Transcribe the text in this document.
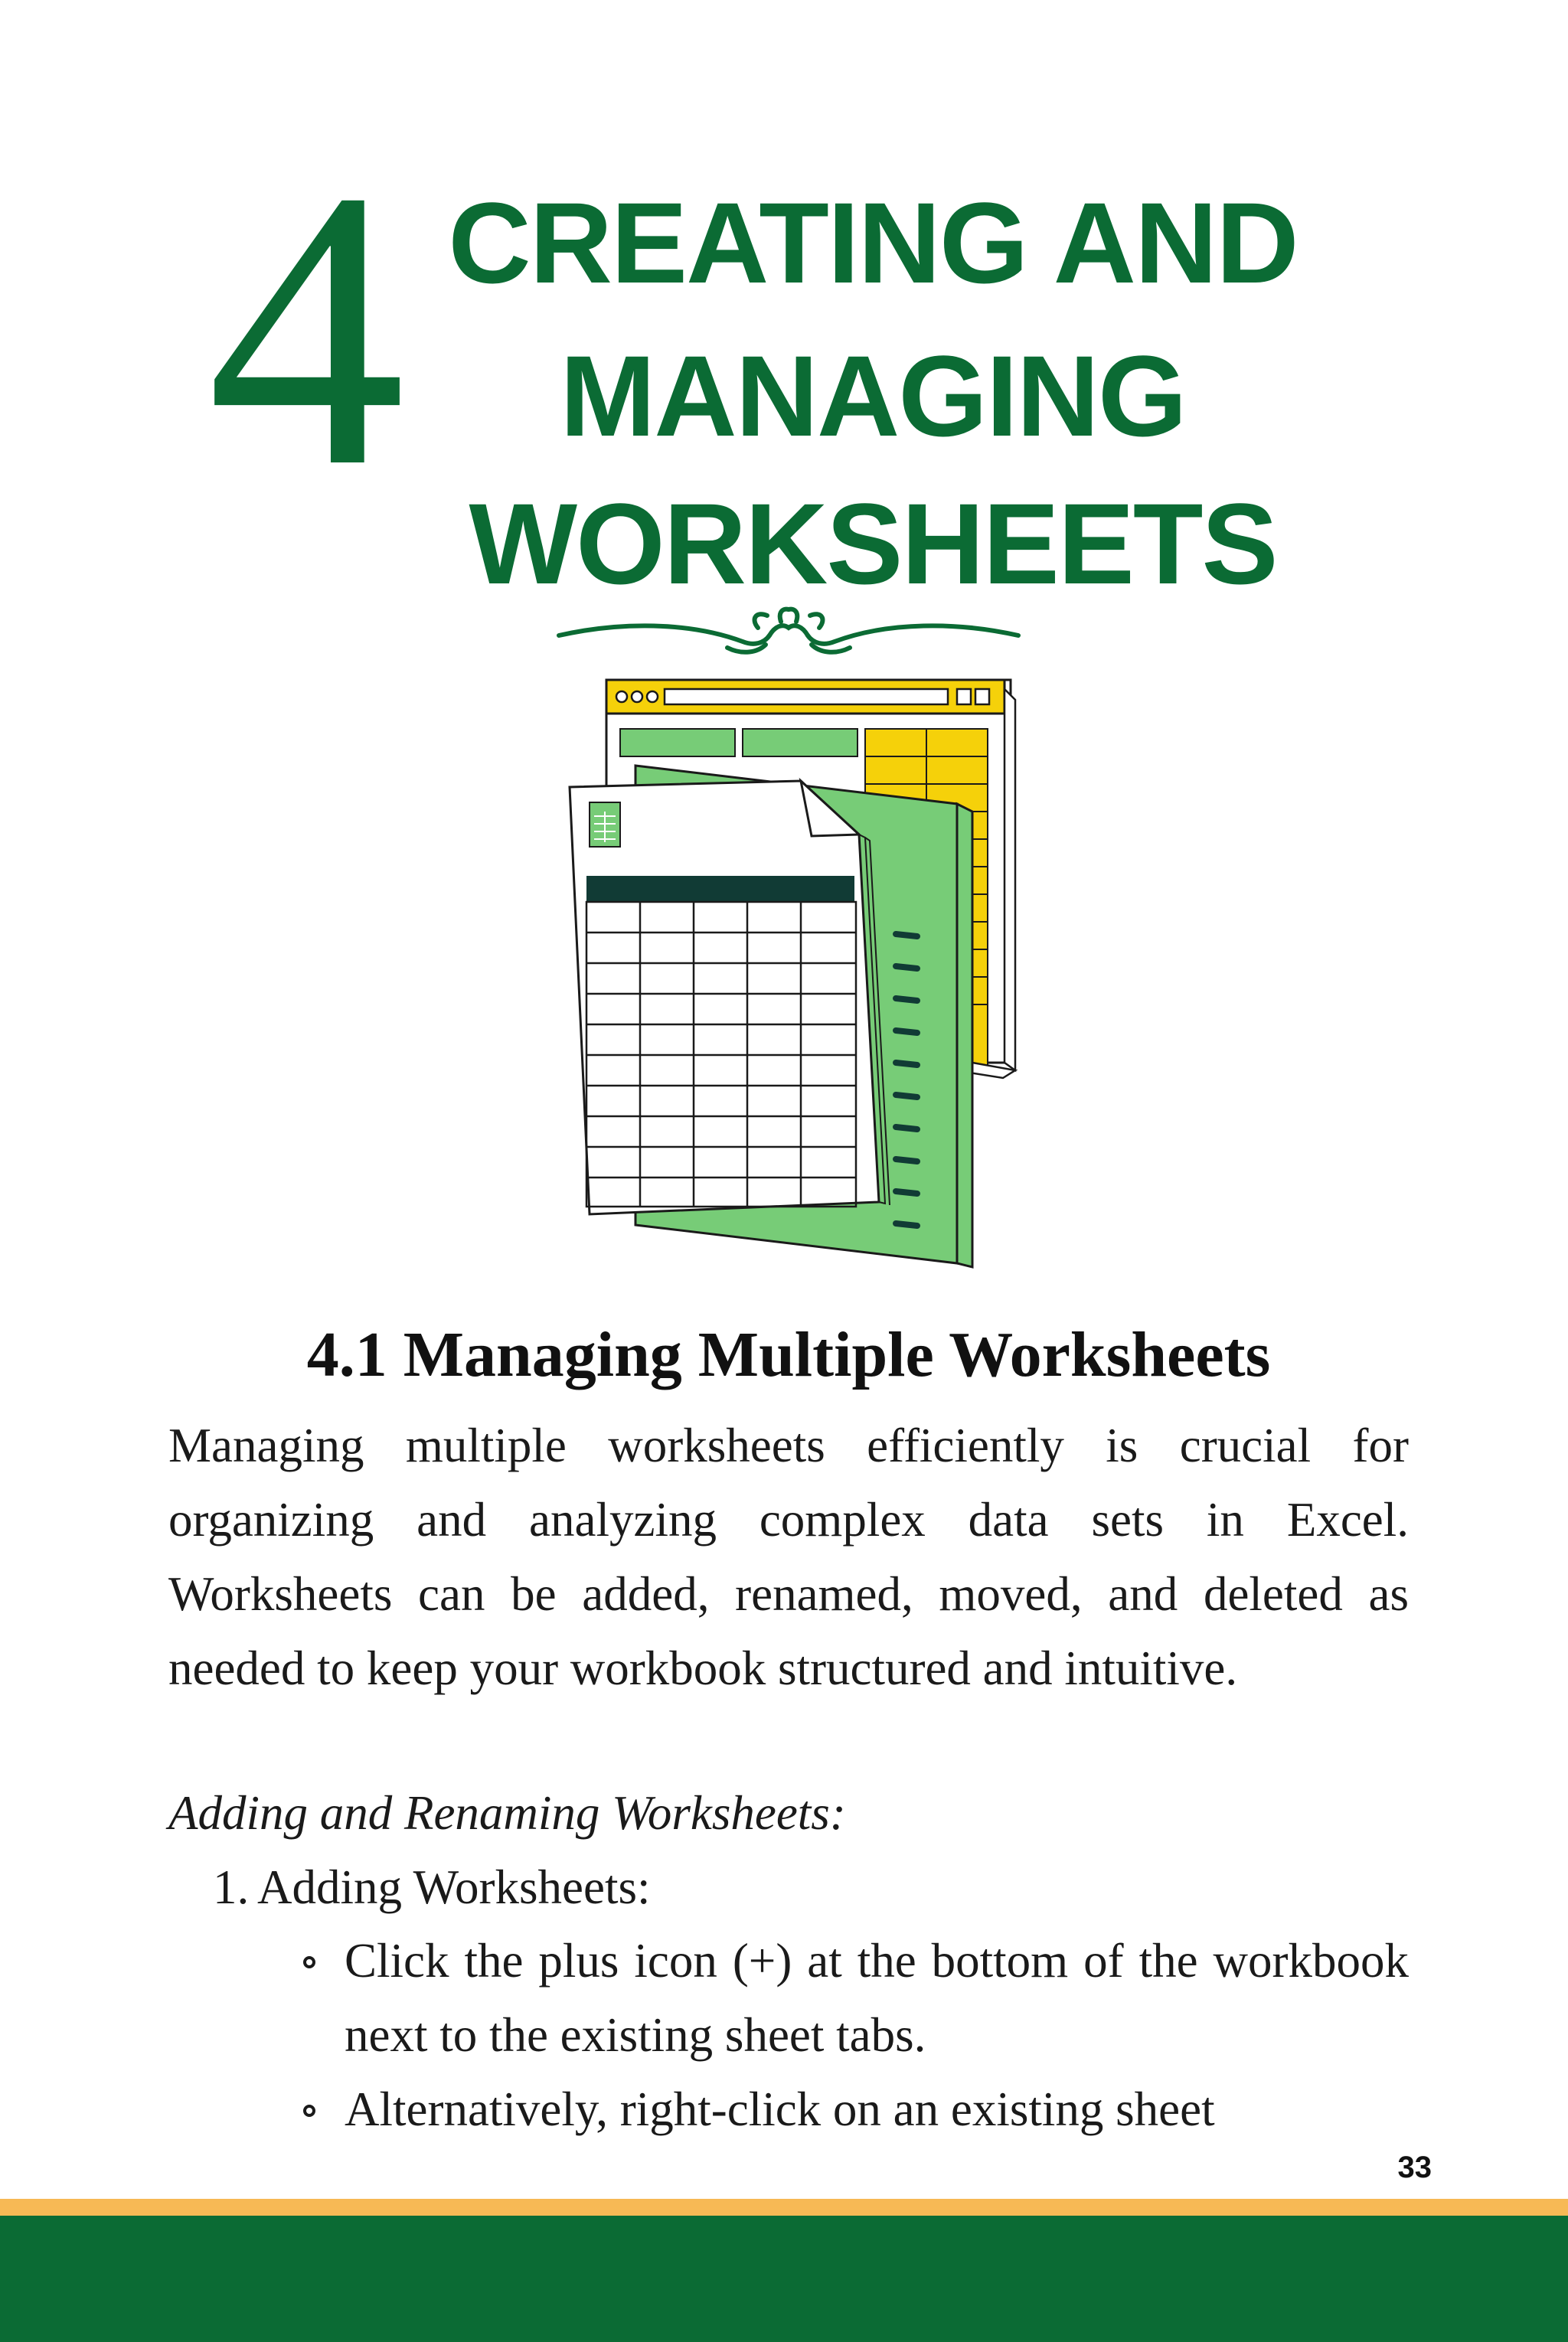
4 CREATING AND
MANAGING
WORKSHEETS
4.1 Managing Multiple Worksheets

Managing multiple worksheets efficiently is crucial for organizing and analyzing complex data sets in Excel. Worksheets can be added, renamed, moved, and deleted as needed to keep your workbook structured and intuitive.

Adding and Renaming Worksheets:
1. Adding Worksheets:

Click the plus icon (+) at the bottom of the workbook next to the existing sheet tabs.

Alternatively, right-click on an existing sheet

33
